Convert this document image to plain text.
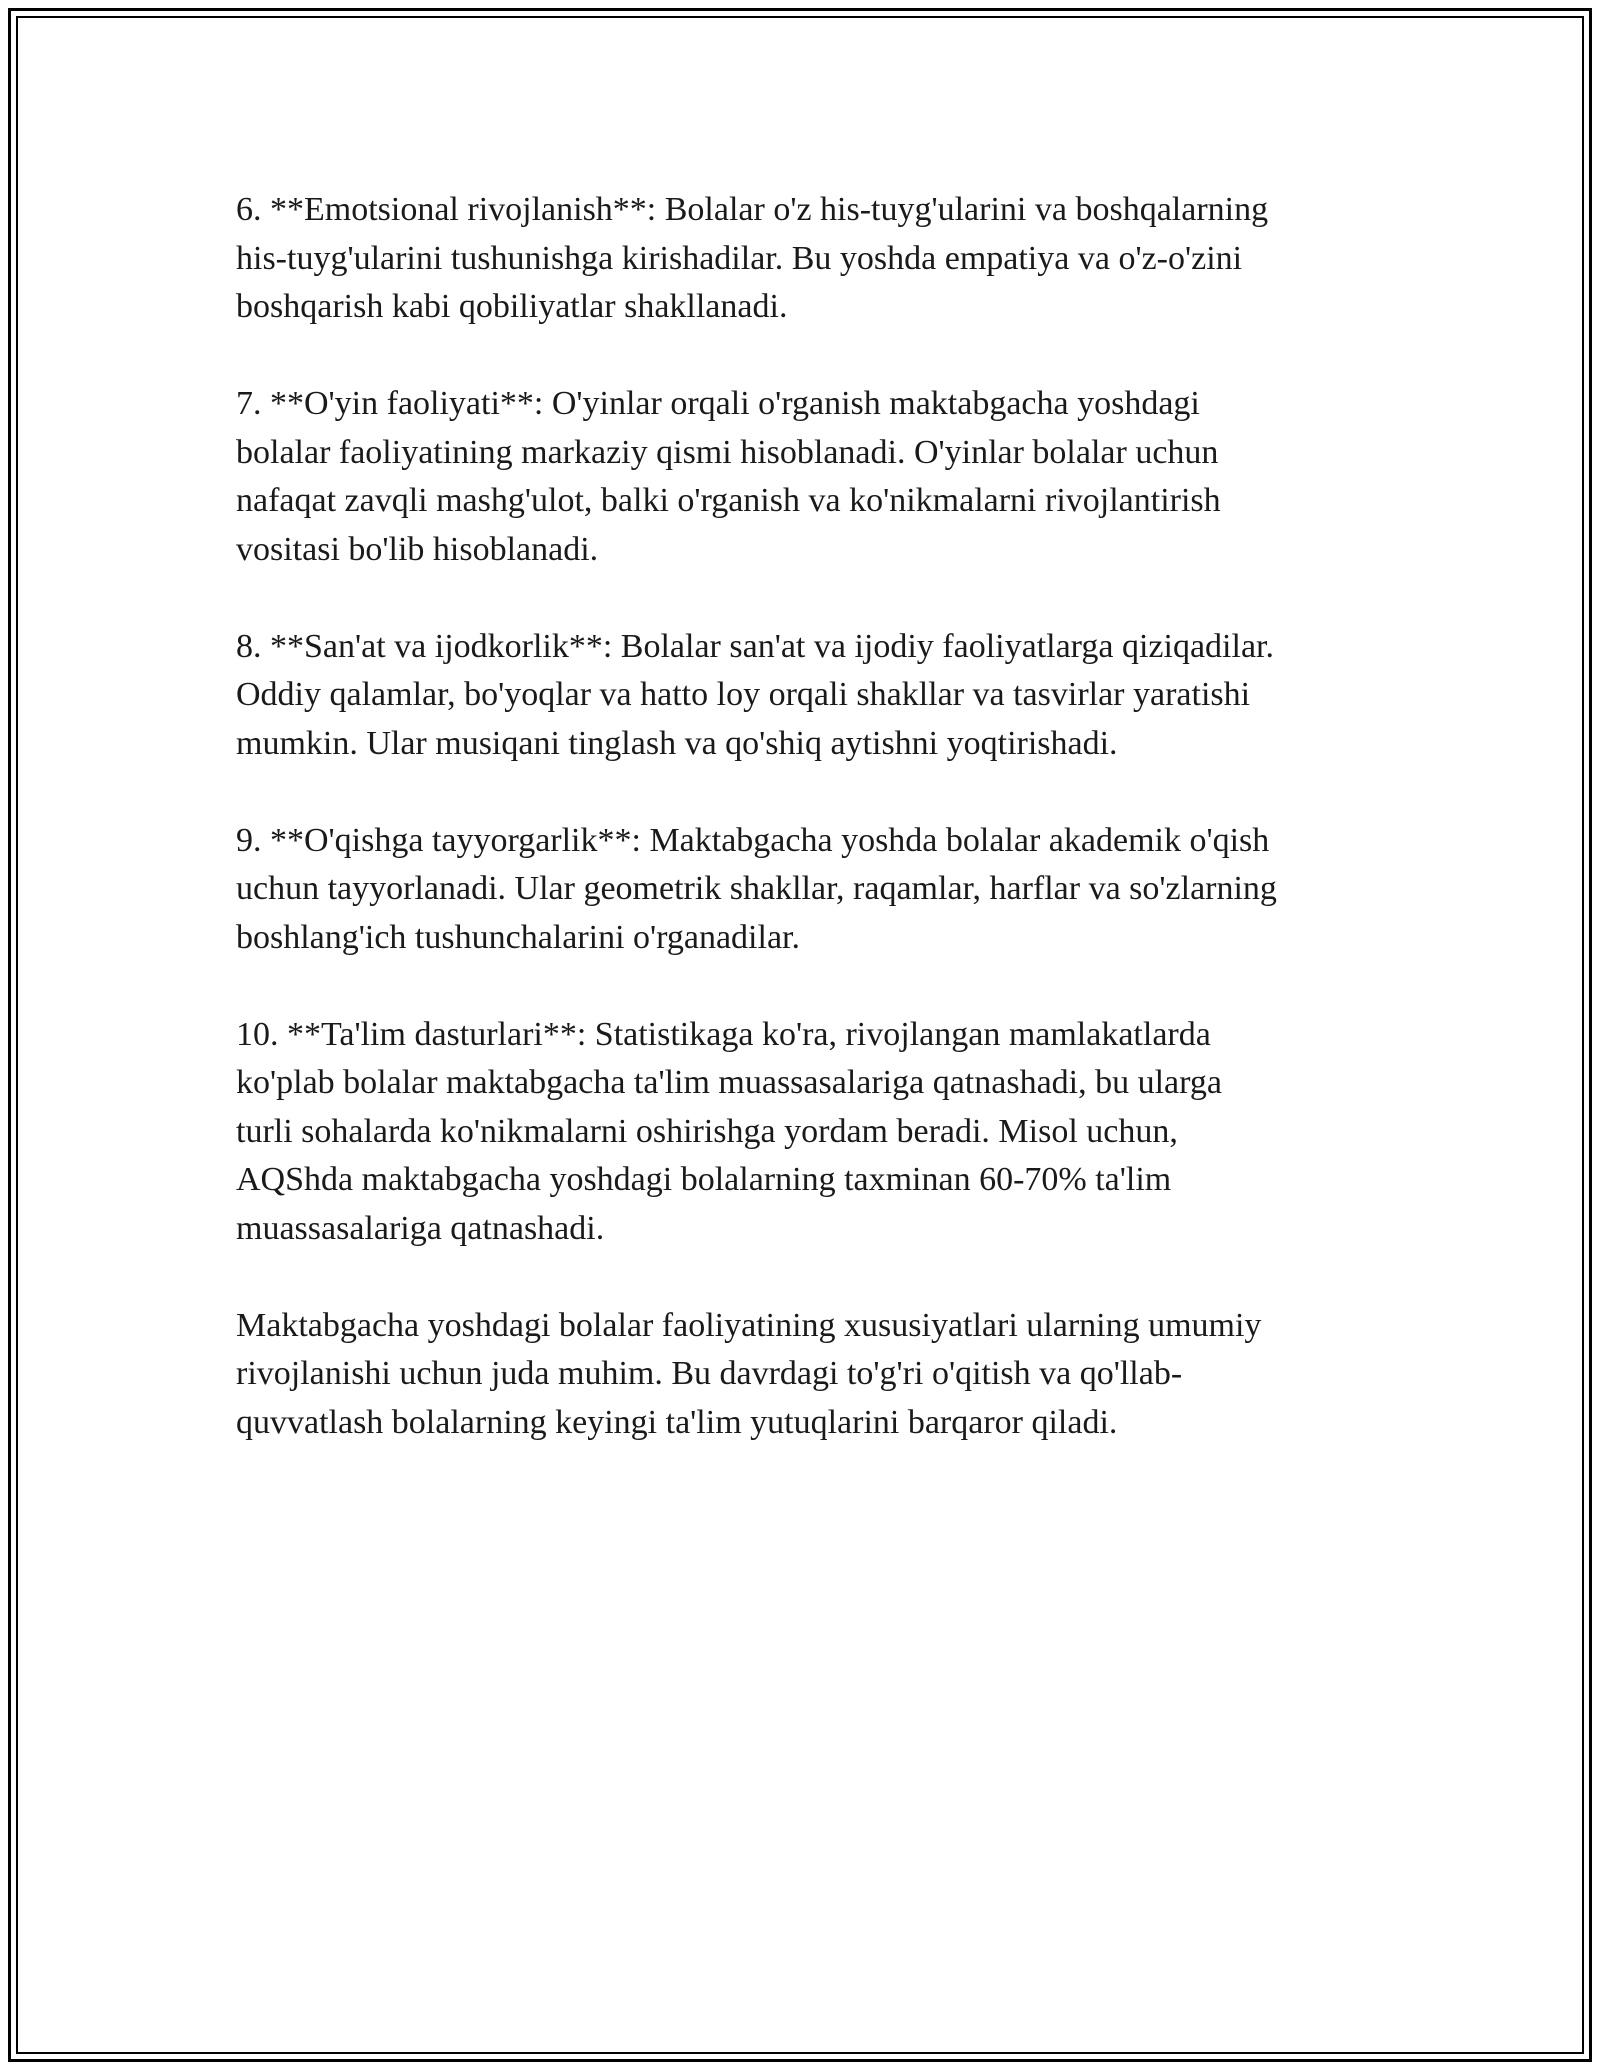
6. **Emotsional rivojlanish**: Bolalar o'z his-tuyg'ularini va boshqalarning
his-tuyg'ularini tushunishga kirishadilar. Bu yoshda empatiya va o'z-o'zini
boshqarish kabi qobiliyatlar shakllanadi.

7. **O'yin faoliyati**: O'yinlar orqali o'rganish maktabgacha yoshdagi
bolalar faoliyatining markaziy qismi hisoblanadi. O'yinlar bolalar uchun
nafaqat zavqli mashg'ulot, balki o'rganish va ko'nikmalarni rivojlantirish
vositasi bo'lib hisoblanadi.

8. **San'at va ijodkorlik**: Bolalar san'at va ijodiy faoliyatlarga qiziqadilar.
Oddiy qalamlar, bo'yoqlar va hatto loy orqali shakllar va tasvirlar yaratishi
mumkin. Ular musiqani tinglash va qo'shiq aytishni yoqtirishadi.

9. **O'qishga tayyorgarlik**: Maktabgacha yoshda bolalar akademik o'qish
uchun tayyorlanadi. Ular geometrik shakllar, raqamlar, harflar va so'zlarning
boshlang'ich tushunchalarini o'rganadilar.

10. **Ta'lim dasturlari**: Statistikaga ko'ra, rivojlangan mamlakatlarda
ko'plab bolalar maktabgacha ta'lim muassasalariga qatnashadi, bu ularga
turli sohalarda ko'nikmalarni oshirishga yordam beradi. Misol uchun,
AQShda maktabgacha yoshdagi bolalarning taxminan 60-70% ta'lim
muassasalariga qatnashadi.

Maktabgacha yoshdagi bolalar faoliyatining xususiyatlari ularning umumiy
rivojlanishi uchun juda muhim. Bu davrdagi to'g'ri o'qitish va qo'llab-
quvvatlash bolalarning keyingi ta'lim yutuqlarini barqaror qiladi.
